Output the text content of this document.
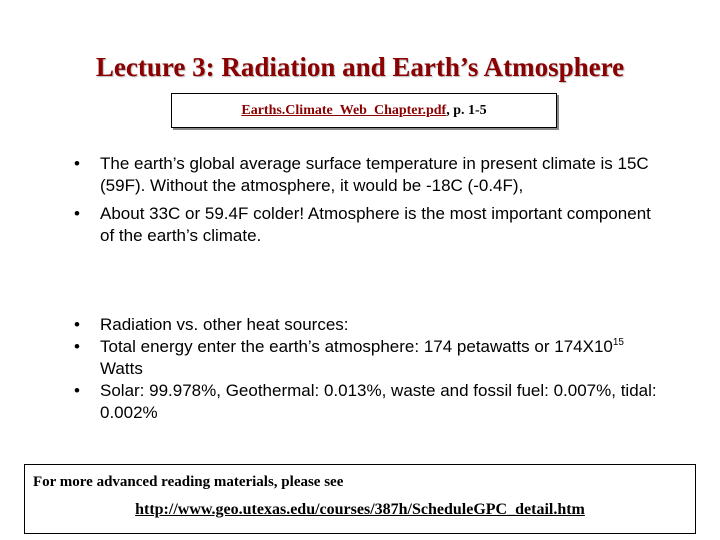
Lecture 3: Radiation and Earth’s Atmosphere
Earths.Climate_Web_Chapter.pdf, p. 1-5
• The earth’s global average surface temperature in present climate is 15C (59F). Without the atmosphere, it would be -18C (-0.4F),
• About 33C or 59.4F colder! Atmosphere is the most important component of the earth’s climate.
• Radiation vs. other heat sources:
• Total energy enter the earth’s atmosphere: 174 petawatts or $174X10^{15}$ Watts
• Solar: 99.978%, Geothermal: 0.013%, waste and fossil fuel: 0.007%, tidal: 0.002%
For more advanced reading materials, please see
http://www.geo.utexas.edu/courses/387h/ScheduleGPC_detail.htm
